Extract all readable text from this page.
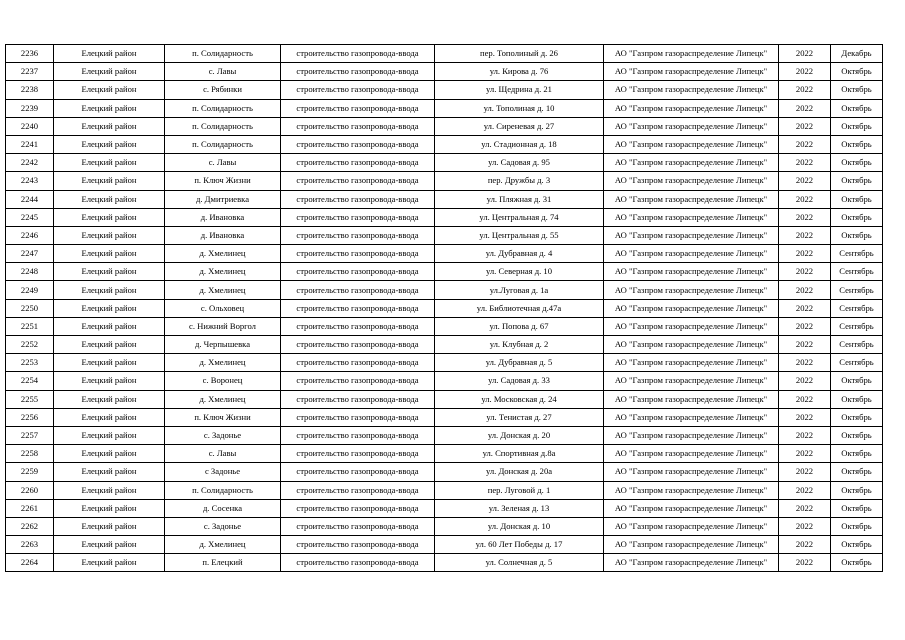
2236	Елецкий район	п. Солидарность	строительство газопровода-ввода	пер. Тополиный д. 26	АО "Газпром газораспределение Липецк"	2022	Декабрь
2237	Елецкий район	с. Лавы	строительство газопровода-ввода	ул. Кирова д. 76	АО "Газпром газораспределение Липецк"	2022	Октябрь
2238	Елецкий район	с. Рябинки	строительство газопровода-ввода	ул. Щедрина д. 21	АО "Газпром газораспределение Липецк"	2022	Октябрь
2239	Елецкий район	п. Солидарность	строительство газопровода-ввода	ул. Тополиная д. 10	АО "Газпром газораспределение Липецк"	2022	Октябрь
2240	Елецкий район	п. Солидарность	строительство газопровода-ввода	ул. Сиреневая д. 27	АО "Газпром газораспределение Липецк"	2022	Октябрь
2241	Елецкий район	п. Солидарность	строительство газопровода-ввода	ул. Стадионная д. 18	АО "Газпром газораспределение Липецк"	2022	Октябрь
2242	Елецкий район	с. Лавы	строительство газопровода-ввода	ул. Садовая д. 95	АО "Газпром газораспределение Липецк"	2022	Октябрь
2243	Елецкий район	п. Ключ Жизни	строительство газопровода-ввода	пер. Дружбы д. 3	АО "Газпром газораспределение Липецк"	2022	Октябрь
2244	Елецкий район	д. Дмитриевка	строительство газопровода-ввода	ул. Пляжная д. 31	АО "Газпром газораспределение Липецк"	2022	Октябрь
2245	Елецкий район	д. Ивановка	строительство газопровода-ввода	ул. Центральная д. 74	АО "Газпром газораспределение Липецк"	2022	Октябрь
2246	Елецкий район	д. Ивановка	строительство газопровода-ввода	ул. Центральная д. 55	АО "Газпром газораспределение Липецк"	2022	Октябрь
2247	Елецкий район	д. Хмелинец	строительство газопровода-ввода	ул. Дубравная д. 4	АО "Газпром газораспределение Липецк"	2022	Сентябрь
2248	Елецкий район	д. Хмелинец	строительство газопровода-ввода	ул. Северная д. 10	АО "Газпром газораспределение Липецк"	2022	Сентябрь
2249	Елецкий район	д. Хмелинец	строительство газопровода-ввода	ул.Луговая д. 1а	АО "Газпром газораспределение Липецк"	2022	Сентябрь
2250	Елецкий район	с. Ольховец	строительство газопровода-ввода	ул. Библиотечная д.47а	АО "Газпром газораспределение Липецк"	2022	Сентябрь
2251	Елецкий район	с. Нижний Воргол	строительство газопровода-ввода	ул. Попова д. 67	АО "Газпром газораспределение Липецк"	2022	Сентябрь
2252	Елецкий район	д. Черпышевка	строительство газопровода-ввода	ул. Клубная д. 2	АО "Газпром газораспределение Липецк"	2022	Сентябрь
2253	Елецкий район	д. Хмелинец	строительство газопровода-ввода	ул. Дубравная д. 5	АО "Газпром газораспределение Липецк"	2022	Сентябрь
2254	Елецкий район	с. Воронец	строительство газопровода-ввода	ул. Садовая д. 33	АО "Газпром газораспределение Липецк"	2022	Октябрь
2255	Елецкий район	д. Хмелинец	строительство газопровода-ввода	ул. Московская д. 24	АО "Газпром газораспределение Липецк"	2022	Октябрь
2256	Елецкий район	п. Ключ Жизни	строительство газопровода-ввода	ул. Тенистая д. 27	АО "Газпром газораспределение Липецк"	2022	Октябрь
2257	Елецкий район	с. Задонье	строительство газопровода-ввода	ул. Донская д. 20	АО "Газпром газораспределение Липецк"	2022	Октябрь
2258	Елецкий район	с. Лавы	строительство газопровода-ввода	ул. Спортивная д.8а	АО "Газпром газораспределение Липецк"	2022	Октябрь
2259	Елецкий район	с Задонье	строительство газопровода-ввода	ул. Донская д. 20а	АО "Газпром газораспределение Липецк"	2022	Октябрь
2260	Елецкий район	п. Солидарность	строительство газопровода-ввода	пер. Луговой д. 1	АО "Газпром газораспределение Липецк"	2022	Октябрь
2261	Елецкий район	д. Сосенка	строительство газопровода-ввода	ул. Зеленая д. 13	АО "Газпром газораспределение Липецк"	2022	Октябрь
2262	Елецкий район	с. Задонье	строительство газопровода-ввода	ул. Донская д. 10	АО "Газпром газораспределение Липецк"	2022	Октябрь
2263	Елецкий район	д. Хмелинец	строительство газопровода-ввода	ул. 60 Лет Победы д. 17	АО "Газпром газораспределение Липецк"	2022	Октябрь
2264	Елецкий район	п. Елецкий	строительство газопровода-ввода	ул. Солнечная д. 5	АО "Газпром газораспределение Липецк"	2022	Октябрь
